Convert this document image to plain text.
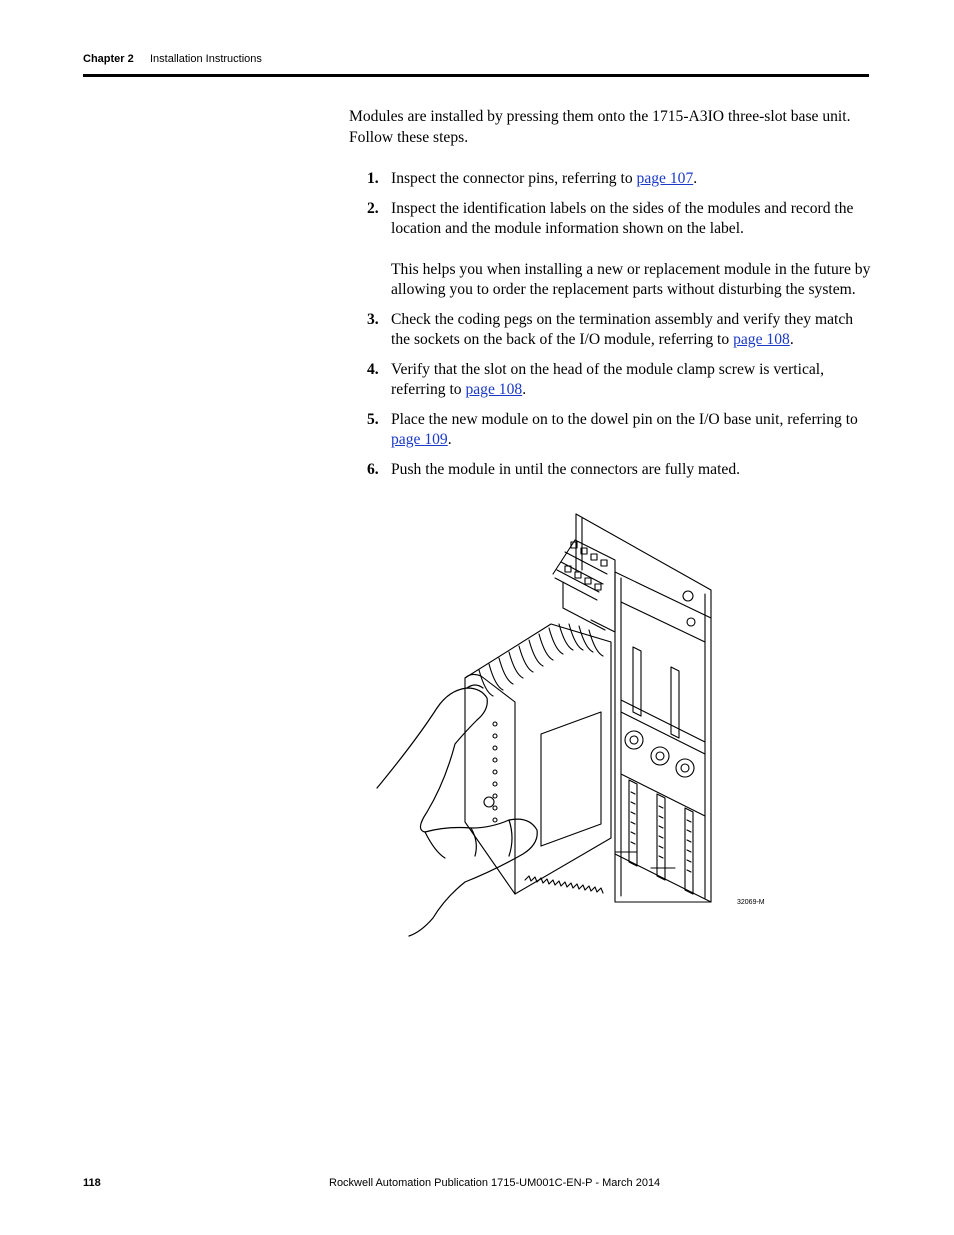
Chapter 2 Installation Instructions

Modules are installed by pressing them onto the 1715-A3IO three-slot base unit. Follow these steps.

1. Inspect the connector pins, referring to page 107.
2. Inspect the identification labels on the sides of the modules and record the location and the module information shown on the label.
This helps you when installing a new or replacement module in the future by allowing you to order the replacement parts without disturbing the system.
3. Check the coding pegs on the termination assembly and verify they match the sockets on the back of the I/O module, referring to page 108.
4. Verify that the slot on the head of the module clamp screw is vertical, referring to page 108.
5. Place the new module on to the dowel pin on the I/O base unit, referring to page 109.
6. Push the module in until the connectors are fully mated.
32069-M
118	Rockwell Automation Publication 1715-UM001C-EN-P - March 2014
